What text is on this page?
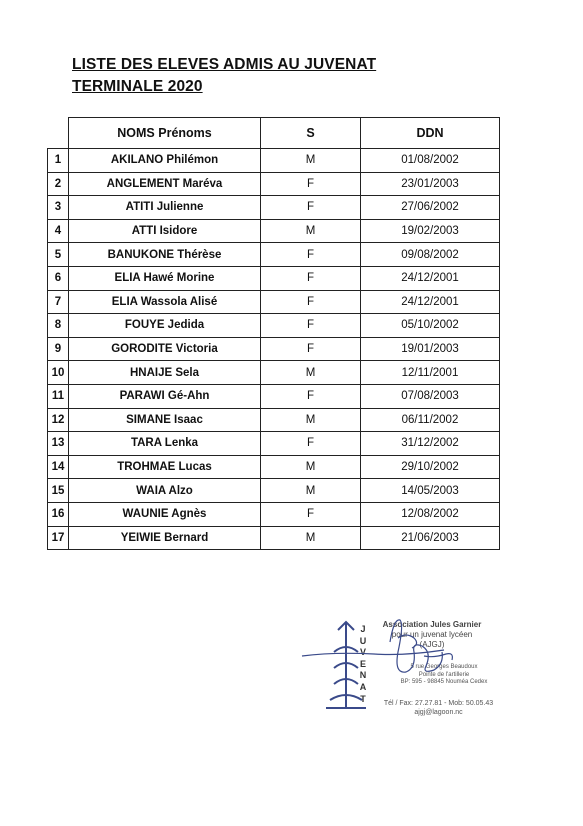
LISTE DES ELEVES ADMIS AU JUVENAT
TERMINALE 2020
	NOMS Prénoms	S	DDN
1	AKILANO Philémon	M	01/08/2002
2	ANGLEMENT Maréva	F	23/01/2003
3	ATITI Julienne	F	27/06/2002
4	ATTI Isidore	M	19/02/2003
5	BANUKONE Thérèse	F	09/08/2002
6	ELIA Hawé Morine	F	24/12/2001
7	ELIA Wassola Alisé	F	24/12/2001
8	FOUYE Jedida	F	05/10/2002
9	GORODITE Victoria	F	19/01/2003
10	HNAIJE Sela	M	12/11/2001
11	PARAWI Gé-Ahn	F	07/08/2003
12	SIMANE Isaac	M	06/11/2002
13	TARA Lenka	F	31/12/2002
14	TROHMAE Lucas	M	29/10/2002
15	WAIA Alzo	M	14/05/2003
16	WAUNIE Agnès	F	12/08/2002
17	YEIWIE Bernard	M	21/06/2003
J
U
V
E
N
A
T
Association Jules Garnier
pour un juvenat lycéen
(AJGJ)
5 rue Georges Beaudoux
Pointe de l'artillerie
BP: 595 - 98845 Nouméa Cedex
Tél / Fax: 27.27.81 - Mob: 50.05.43
ajgj@lagoon.nc
